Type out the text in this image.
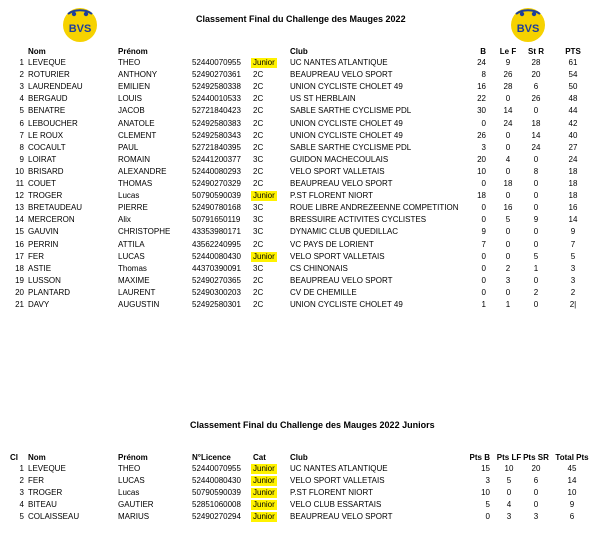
BVS	BVS
Classement Final du Challenge des Mauges 2022
Nom	Prénom	Club	B Le F St R	PTS
1 LEVEQUE	THEO	52440070955 Junior UC NANTES ATLANTIQUE	24	9	28	61
2 ROTURIER	ANTHONY	52490270361 2C	BEAUPREAU VELO SPORT	8	26	20	54
3 LAURENDEAU	EMILIEN	52492580338 2C	UNION CYCLISTE CHOLET 49	16	28	6	50
4 BERGAUD	LOUIS	52440010533 2C	US ST HERBLAIN	22	0	26	48
5 BENATRE	JACOB	52721840423 2C	SABLE SARTHE CYCLISME PDL	30	14	0	44
6 LEBOUCHER	ANATOLE	52492580383 2C	UNION CYCLISTE CHOLET 49	0	24	18	42
7 LE ROUX	CLEMENT	52492580343 2C	UNION CYCLISTE CHOLET 49	26	0	14	40
8 COCAULT	PAUL	52721840395 2C	SABLE SARTHE CYCLISME PDL	3	0	24	27
9 LOIRAT	ROMAIN	52441200377 3C	GUIDON MACHECOULAIS	20	4	0	24
10 BRISARD	ALEXANDRE	52440080293 2C	VELO SPORT VALLETAIS	10	0	8	18
11 COUET	THOMAS	52490270329 2C	BEAUPREAU VELO SPORT	0	18	0	18
12 TROGER	Lucas	50790590039 Junior P.ST FLORENT NIORT	18	0	0	18
13 BRETAUDEAU	PIERRE	52490780168 3C	ROUE LIBRE ANDREZEENNE COMPETITION	0	16	0	16
14 MERCERON	Alix	50791650119 3C	BRESSUIRE ACTIVITES CYCLISTES	0	5	9	14
15 GAUVIN	CHRISTOPHE	43353980171 3C	DYNAMIC CLUB QUEDILLAC	9	0	0	9
16 PERRIN	ATTILA	43562240995 2C	VC PAYS DE LORIENT	7	0	0	7
17 FER	LUCAS	52440080430 Junior VELO SPORT VALLETAIS	0	0	5	5
18 ASTIE	Thomas	44370390091 3C	CS CHINONAIS	0	2	1	3
19 LUSSON	MAXIME	52490270365 2C	BEAUPREAU VELO SPORT	0	3	0	3
20 PLANTARD	LAURENT	52490300203 2C	CV DE CHEMILLE	0	0	2	2
21 DAVY	AUGUSTIN	52492580301 2C	UNION CYCLISTE CHOLET 49	1	1	0	2|
Classement Final du Challenge des Mauges 2022 Juniors
Cl Nom	Prénom	N°Licence	Cat	Club	Pts B Pts LF Pts SR Total Pts
1 LEVEQUE	THEO	52440070955 Junior UC NANTES ATLANTIQUE	15	10	20	45
2 FER	LUCAS	52440080430 Junior VELO SPORT VALLETAIS	3	5	6	14
3 TROGER	Lucas	50790590039 Junior P.ST FLORENT NIORT	10	0	0	10
4 BITEAU	GAUTIER	52851060008 Junior VELO CLUB ESSARTAIS	5	4	0	9
5 COLAISSEAU	MARIUS	52490270294 Junior BEAUPREAU VELO SPORT	0	3	3	6
